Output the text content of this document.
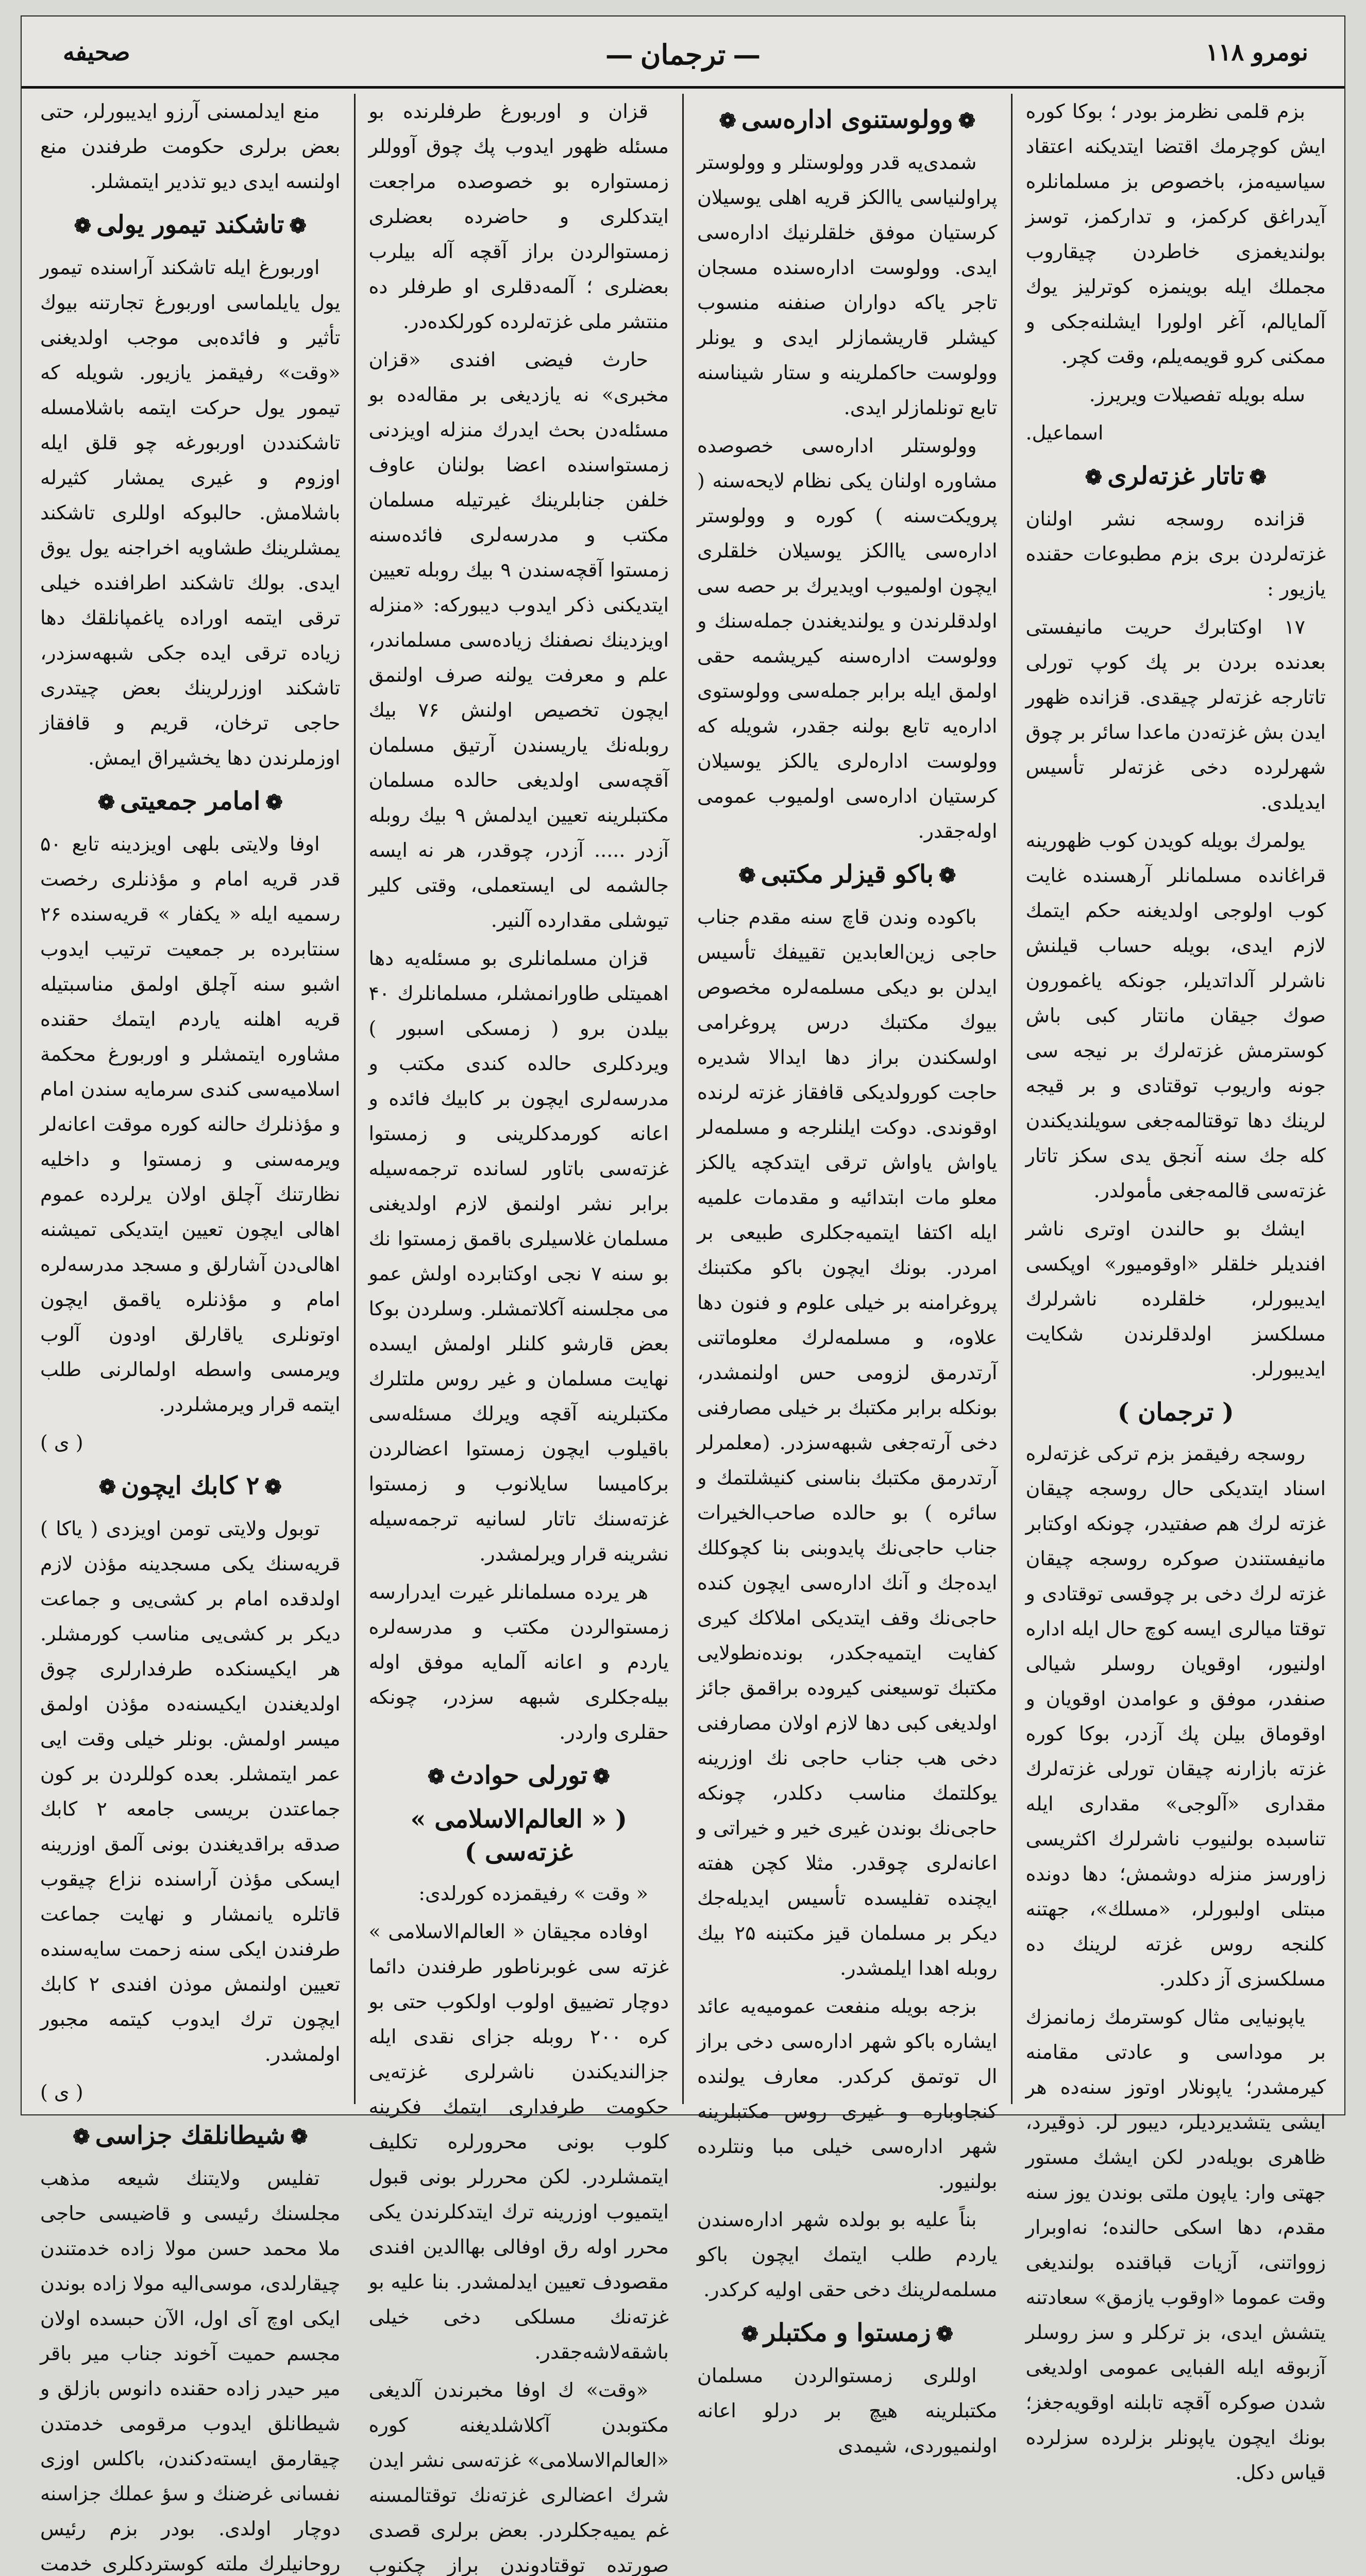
نومرو ۱۱۸
— ترجمان —
صحيفه

بزم قلمی نظرمز بودر ؛ بوكا كوره ايش كوچرمك اقتضا ايتديكنه اعتقاد سياسيه‌مز، باخصوص بز مسلمانلره آيدراغق كركمز، و تداركمز، توسز بولنديغمزى خاطردن چيقاروب مجملك ايله بوينمزه كوترليز يوك آلمايالم، آغر اولورا ايشلنه‌جكى و ممكنى كرو قويمه‌يلم، وقت كچر.

سله بويله تفصيلات ويريرز.

اسماعيل.
❁تاتار غزته‌لرى❁

قزانده روسجه نشر اولنان غزته‌لردن برى بزم مطبوعات حقنده يازيور :

۱۷ اوكتابرك حريت مانيفستى بعدنده بردن بر پك كوپ تورلى تاتارجه غزته‌لر چيقدى. قزانده ظهور ايدن بش غزته‌دن ماعدا سائر بر چوق شهرلرده دخى غزته‌لر تأسيس ايديلدى.

يولمرك بويله كويدن كوب ظهورينه قراغانده مسلمانلر آرهسنده غايت كوب اولوجى اولديغنه حكم ايتمك لازم ايدى، بويله حساب قيلنش ناشرلر آلداتديلر، جونكه ياغمورون صوك جيقان مانتار كبى باش كوسترمش غزته‌لرك بر نيجه سى جونه واريوب توقتادى و بر قيجه لرينك دها توقتالمه‌جغى سويلنديكندن كله جك سنه آنجق يدى سكز تاتار غزته‌سى قالمه‌جغى مأمولدر.

ايشك بو حالندن اوترى ناشر افنديلر خلقلر «اوقوميور» اوپكسى ايديبورلر، خلقلرده ناشرلرك مسلكسز اولدقلرندن شكايت ايديبورلر.

( ترجمان )

روسجه رفيقمز بزم تركى غزته‌لره اسناد ايتديكى حال روسجه چيقان غزته لرك هم صفتيدر، چونكه اوكتابر مانيفستندن صوكره روسجه چيقان غزته لرك دخى بر چوقسى توقتادى و توقتا ميالرى ايسه كوچ حال ايله اداره اولنيور، اوقويان روسلر شيالى صنفدر، موفق و عوامدن اوقويان و اوقوماق بيلن پك آزدر، بوكا كوره غزته بازارنه چيقان تورلى غزته‌لرك مقدارى «آلوجى» مقدارى ايله تناسبده بولنيوب ناشرلرك اكثريسى زاورسز منزله دوشمش؛ دها دونده مبتلى اولبورلر، «مسلك»، جهتنه كلنجه روس غزته لرينك ده مسلكسزى آز دكلدر.

ياپونيايى مثال كوسترمك زمانمزك بر موداسى و عادتى مقامنه كيرمشدر؛ ياپونلار اوتوز سنه‌ده هر ايشى يتشديرديلر، ديبور لر. ذوقيرد، ظاهرى بويله‌در لكن ايشك مستور جهتى وار: ياپون ملتى بوندن يوز سنه مقدم، دها اسكى حالنده؛ نه‌اوبرار زوواتنى، آزيات قباقنده بولنديغى وقت عموما «اوقوب يازمق» سعادتنه يتشش ايدى، بز تركلر و سز روسلر آزبوقه ايله الفبايى عمومى اولديغى شدن صوكره آقچه تابلنه اوقويه‌جغز؛ بونك ايچون ياپونلر بزلرده سزلرده قياس دكل.

❁وولوستنوى اداره‌سى❁

شمدى‌يه قدر وولوستلر و وولوستر پراولنياسى ياالكز قريه اهلى يوسيلان كرستيان موفق خلقلرنيك اداره‌سى ايدى. وولوست اداره‌سنده مسجان تاجر ياكه دواران صنفنه منسوب كيشلر قاريشمازلر ايدى و يونلر وولوست حاكملرينه و ستار شيناسنه تابع تونلمازلر ايدى.

وولوستلر اداره‌سى خصوصده مشاوره اولنان يكى نظام لايحه‌سنه ( پرويكت‌سنه ) كوره و وولوستر اداره‌سى ياالكز يوسيلان خلقلرى ايچون اولميوب اويديرك بر حصه سى اولدقلرندن و يولنديغندن جمله‌سنك و وولوست اداره‌سنه كيريشمه حقى اولمق ايله برابر جمله‌سى وولوستوى اداره‌يه تابع بولنه جقدر، شويله كه وولوست اداره‌لرى يالكز يوسيلان كرستيان اداره‌سى اولميوب عمومى اوله‌جقدر.

❁باكو قيزلر مكتبى❁

باكوده وندن قاچ سنه مقدم جناب حاجى زين‌العابدين تقييفك تأسيس ايدلن بو ديكى مسلمه‌لره مخصوص بيوك مكتبك درس پروغرامى اولسكندن براز دها ايدالا شديره حاجت كورولديكى قافقاز غزته لرنده اوقوندى. دوكت ايلنلرجه و مسلمه‌لر ياواش ياواش ترقى ايتدكچه يالكز معلو مات ابتدائيه و مقدمات علميه ايله اكتفا ايتميه‌جكلرى طبيعى بر امردر. بونك ايچون باكو مكتبنك پروغرامنه بر خيلى علوم و فنون دها علاوه، و مسلمه‌لرك معلوماتنى آرتدرمق لزومى حس اولنمشدر، بونكله برابر مكتبك بر خيلى مصارفنى دخى آرته‌جغى شبهه‌سزدر. (معلمرلر آرتدرمق مكتبك بناسنى كنيشلتمك و سائره ) بو حالده صاحب‌الخيرات جناب حاجى‌نك پايدوبنى بنا كچوكلك ايده‌جك و آنك اداره‌سى ايچون كنده حاجى‌نك وقف ايتديكى املاكك كيرى كفايت ايتميه‌جكدر، بونده‌نطولايى مكتبك توسيعنى كيروده براقمق جائز اولديغى كبى دها لازم اولان مصارفنى دخى هب جناب حاجى نك اوزرينه يوكلتمك مناسب دكلدر، چونكه حاجى‌نك بوندن غيرى خير و خيراتى و اعانه‌لرى چوقدر. مثلا كچن هفته ايچنده تفليسده تأسيس ايديله‌جك ديكر بر مسلمان قيز مكتبنه ۲۵ بيك روبله اهدا ايلمشدر.

بزجه بويله منفعت عموميه‌يه عائد ايشاره باكو شهر اداره‌سى دخى براز ال توتمق كركدر. معارف يولنده كنجاوباره و غيرى روس مكتبلرينه شهر اداره‌سى خيلى مبا ونتلرده بولنيور.

بناً عليه بو بولده شهر اداره‌سندن ياردم طلب ايتمك ايچون باكو مسلمه‌لرينك دخى حقى اوليه كركدر.

❁زمستوا و مكتبلر❁

اوللرى زمستوالردن مسلمان مكتبلرينه هيچ بر درلو اعانه اولنميوردى، شيمدى

قزان و اوربورغ طرفلرنده بو مسئله ظهور ايدوب پك چوق آووللر زمستواره بو خصوصده مراجعت ايتدكلرى و حاضرده بعضلرى زمستوالردن براز آقچه آله بيلرب بعضلرى ؛ آلمه‌دقلرى او طرفلر ده منتشر ملى غزته‌لرده كورلكده‌در.

حارث فيضى افندى «قزان مخبرى» نه يازديغى بر مقاله‌ده بو مسئله‌دن بحث ايدرك منزله اويزدنى زمستواسنده اعضا بولنان عاوف خلفن جنابلرينك غيرتيله مسلمان مكتب و مدرسه‌لرى فائده‌سنه زمستوا آقچه‌سندن ۹ بيك روبله تعيين ايتديكنى ذكر ايدوب ديبوركه: «منزله اويزدينك نصفنك زياده‌سى مسلماندر، علم و معرفت يولنه صرف اولنمق ايچون تخصيص اولنش ۷۶ بيك روبله‌نك ياريسندن آرتيق مسلمان آقچه‌سى اولديغى حالده مسلمان مكتبلرينه تعيين ايدلمش ۹ بيك روبله آزدر ..... آزدر، چوقدر، هر نه ايسه جالشمه لى ايستعملى، وقتى كلير تيوشلى مقدارده آلنير.

قزان مسلمانلرى بو مسئله‌يه دها اهميتلى طاورانمشلر، مسلمانلرك ۴۰ بيلدن برو ( زمسكى اسبور ) ويردكلرى حالده كندى مكتب و مدرسه‌لرى ايچون بر كابيك فائده و اعانه كورمدكلرينى و زمستوا غزته‌سى باتاور لسانده ترجمه‌سيله برابر نشر اولنمق لازم اولديغنى مسلمان غلاسيلرى باقمق زمستوا نك بو سنه ۷ نجى اوكتابرده اولش عمو مى مجلسنه آكلاتمشلر. وسلردن بوكا بعض قارشو كلنلر اولمش ايسده نهايت مسلمان و غير روس ملتلرك مكتبلرينه آقچه ويرلك مسئله‌سى باقيلوب ايچون زمستوا اعضالردن بركاميسا سايلانوب و زمستوا غزته‌سنك تاتار لسانيه ترجمه‌سيله نشرينه قرار ويرلمشدر.

هر يرده مسلمانلر غيرت ايدرارسه زمستوالردن مكتب و مدرسه‌لره ياردم و اعانه آلمايه موفق اوله بيله‌جكلرى شبهه سزدر، چونكه حقلرى واردر.

❁تورلى حوادث❁
( « العالم‌الاسلامى » غزته‌سى )

« وقت » رفيقمزده كورلدى:

اوفاده مجيقان « العالم‌الاسلامى » غزته سى غوبرناطور طرفندن دائما دوچار تضييق اولوب اولكوب حتى بو كره ۲۰۰ روبله جزاى نقدى ايله جزالنديكندن ناشرلرى غزته‌يى حكومت طرفدارى ايتمك فكرينه كلوب بونى محرورلره تكليف ايتمشلردر. لكن محررلر بونى قبول ايتميوب اوزرينه ترك ايتدكلرندن يكى محرر اوله رق اوفالى بهاالدين افندى مقصودف تعيين ايدلمشدر. بنا عليه بو غزته‌نك مسلكى دخى خيلى باشقه‌لاشه‌جقدر.

«وقت» ك اوفا مخبرندن آلديغى مكتوبدن آكلاشلديغنه كوره «العالم‌الاسلامى» غزته‌سى نشر ايدن شرك اعضالرى غزته‌نك توقتالمسنه غم يميه‌جكلردر. بعض برلرى قصدى صورتده توقتادوندن براز چكنوب

منع ايدلمسنى آرزو ايديبورلر، حتى بعض برلرى حكومت طرفندن منع اولنسه ايدى ديو تذدير ايتمشلر.

❁تاشكند تيمور يولى❁

اوربورغ ايله تاشكند آراسنده تيمور يول يايلماسى اوربورغ تجارتنه بيوك تأثير و فائده‌بى موجب اولديغنى «وقت» رفيقمز يازيور. شويله كه تيمور يول حركت ايتمه باشلامسله تاشكنددن اوربورغه چو قلق ايله اوزوم و غيرى يمشار كثيرله باشلامش. حالبوكه اوللرى تاشكند يمشلرينك طشاويه اخراجنه يول يوق ايدى. بولك تاشكند اطرافنده خيلى ترقى ايتمه اوراده ياغمپانلقك دها زياده ترقى ايده جكى شبهه‌سزدر، تاشكند اوزرلرينك بعض چيتدرى حاجى ترخان، قريم و قافقاز اوزملرندن دها يخشيراق ايمش.

❁امامر جمعيتى❁

اوفا ولايتى بلهى اويزدينه تابع ۵۰ قدر قريه امام و مؤذنلرى رخصت رسميه ايله « يكفار » قريه‌سنده ۲۶ سنتابرده بر جمعيت ترتيب ايدوب اشبو سنه آچلق اولمق مناسبتيله قريه اهلنه ياردم ايتمك حقنده مشاوره ايتمشلر و اوربورغ محكمة اسلاميه‌سى كندى سرمايه سندن امام و مؤذنلرك حالنه كوره موقت اعانه‌لر ويرمه‌سنى و زمستوا و داخليه نظارتنك آچلق اولان يرلرده عموم اهالى ايچون تعيين ايتديكى تميشنه اهالى‌دن آشارلق و مسجد مدرسه‌لره امام و مؤذنلره ياقمق ايچون اوتونلرى ياقارلق اودون آلوب ويرمسى واسطه اولمالرنى طلب ايتمه قرار ويرمشلردر.

( ى )
❁۲ كابك ايچون❁

توبول ولايتى تومن اويزدى ( ياكا ) قريه‌سنك يكى مسجدينه مؤذن لازم اولدقده امام بر كشى‌يى و جماعت ديكر بر كشى‌يى مناسب كورمشلر. هر ايكيسنكده طرفدارلرى چوق اولديغندن ايكيسنه‌ده مؤذن اولمق ميسر اولمش. بونلر خيلى وقت ايى عمر ايتمشلر. بعده كوللردن بر كون جماعتدن بريسى جامعه ۲ كابك صدقه براقديغندن بونى آلمق اوزرينه ايسكى مؤذن آراسنده نزاع چيقوب قاتلره يانمشار و نهايت جماعت طرفندن ايكى سنه زحمت سايه‌سنده تعيين اولنمش موذن افندى ۲ كابك ايچون ترك ايدوب كيتمه مجبور اولمشدر.

( ى )
❁شيطانلقك جزاسى❁

تفليس ولايتنك شيعه مذهب مجلسنك رئيسى و قاضيسى حاجى ملا محمد حسن مولا زاده خدمتندن چيقارلدى، موسى‌اليه مولا زاده بوندن ايكى اوچ آى اول، الآن حبسده اولان مجسم حميت آخوند جناب مير باقر مير حيدر زاده حقنده دانوس بازلق و شيطانلق ايدوب مرقومى خدمتدن چيقارمق ايسته‌دكندن، باكلس اوزى نفسانى غرضنك و سؤ عملك جزاسنه دوچار اولدى. بودر بزم رئيس روحانيلرك ملته كوستردكلرى خدمت
